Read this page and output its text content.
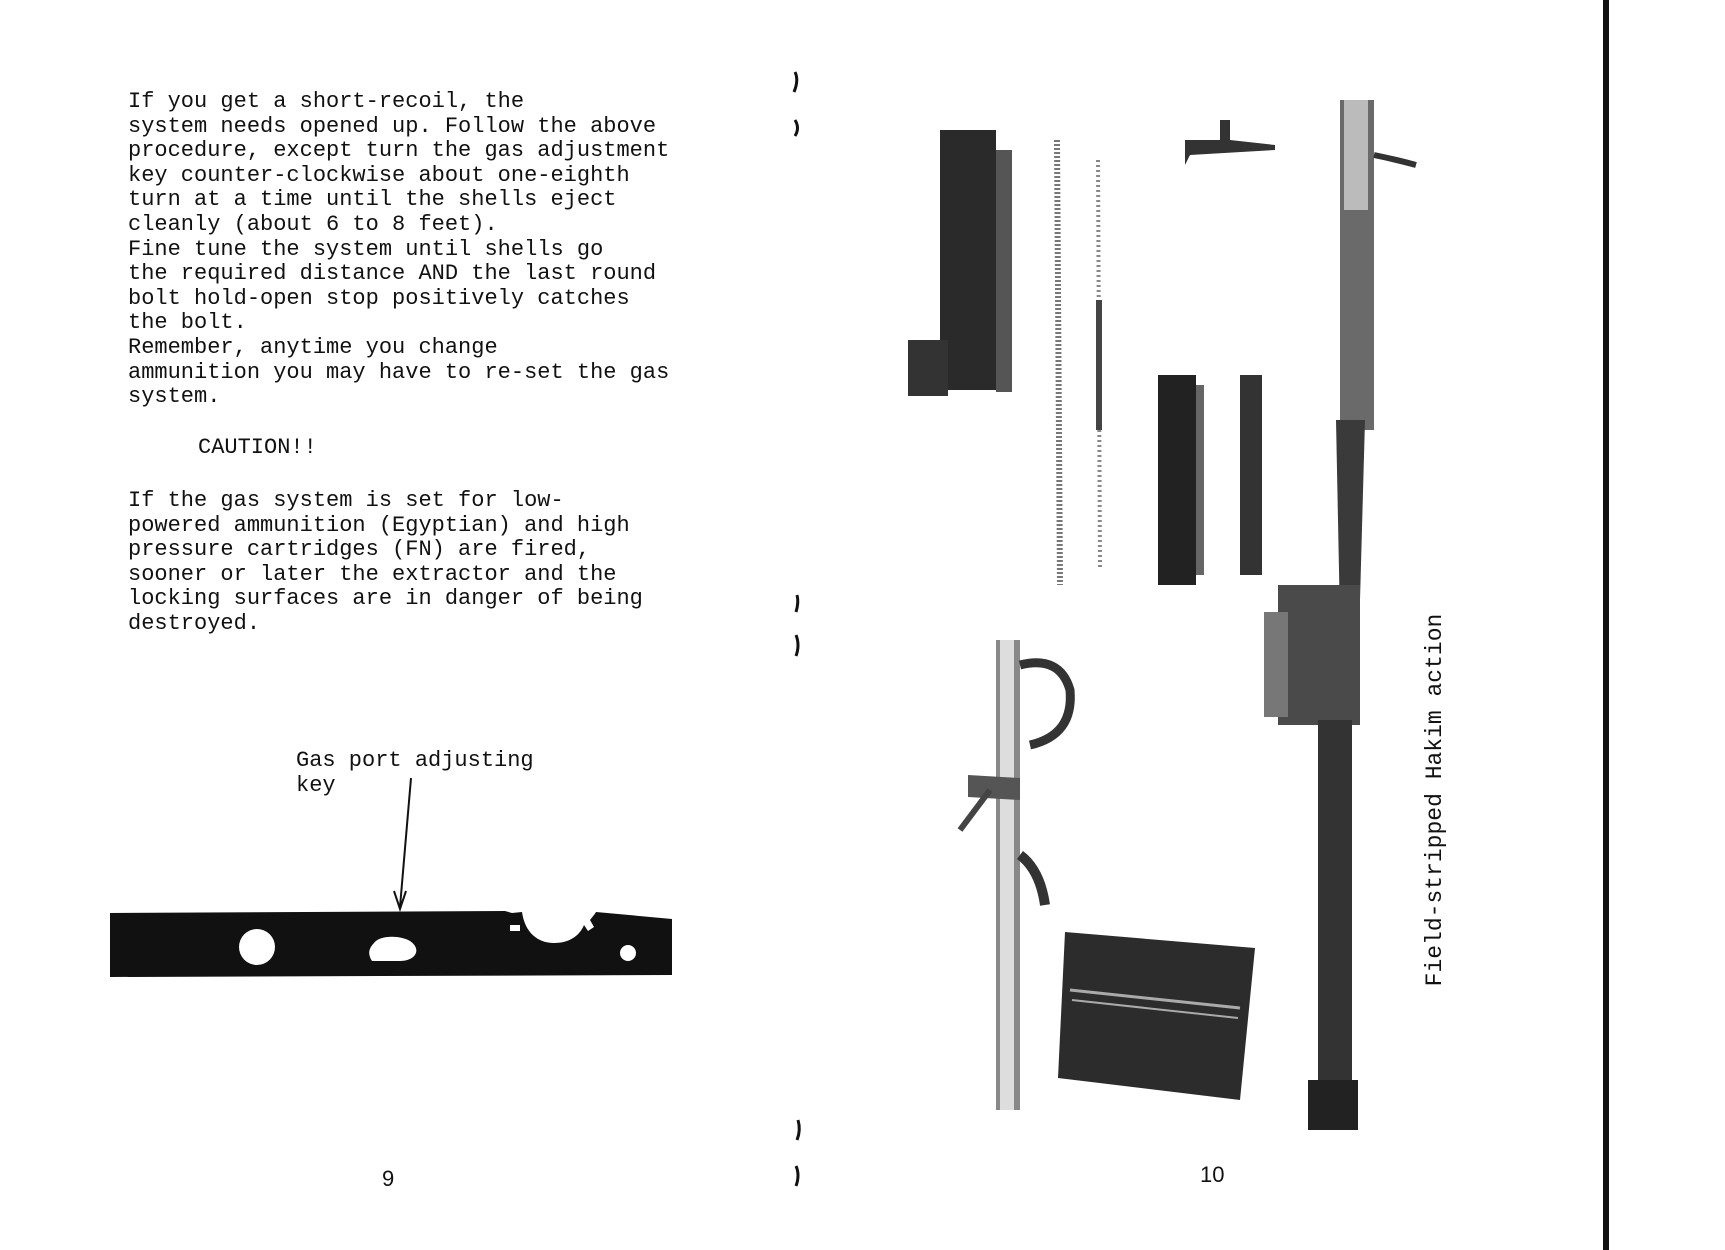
If you get a short-recoil, the
system needs opened up. Follow the above
procedure, except turn the gas adjustment
key counter-clockwise about one-eighth
turn at a time until the shells eject
cleanly (about 6 to 8 feet).
Fine tune the system until shells go
the required distance AND the last round
bolt hold-open stop positively catches
the bolt.
Remember, anytime you change
ammunition you may have to re-set the gas
system.

CAUTION!!

If the gas system is set for low-
powered ammunition (Egyptian) and high
pressure cartridges (FN) are fired,
sooner or later the extractor and the
locking surfaces are in danger of being
destroyed.

Gas port adjusting
key
9
Field-stripped Hakim action
10
